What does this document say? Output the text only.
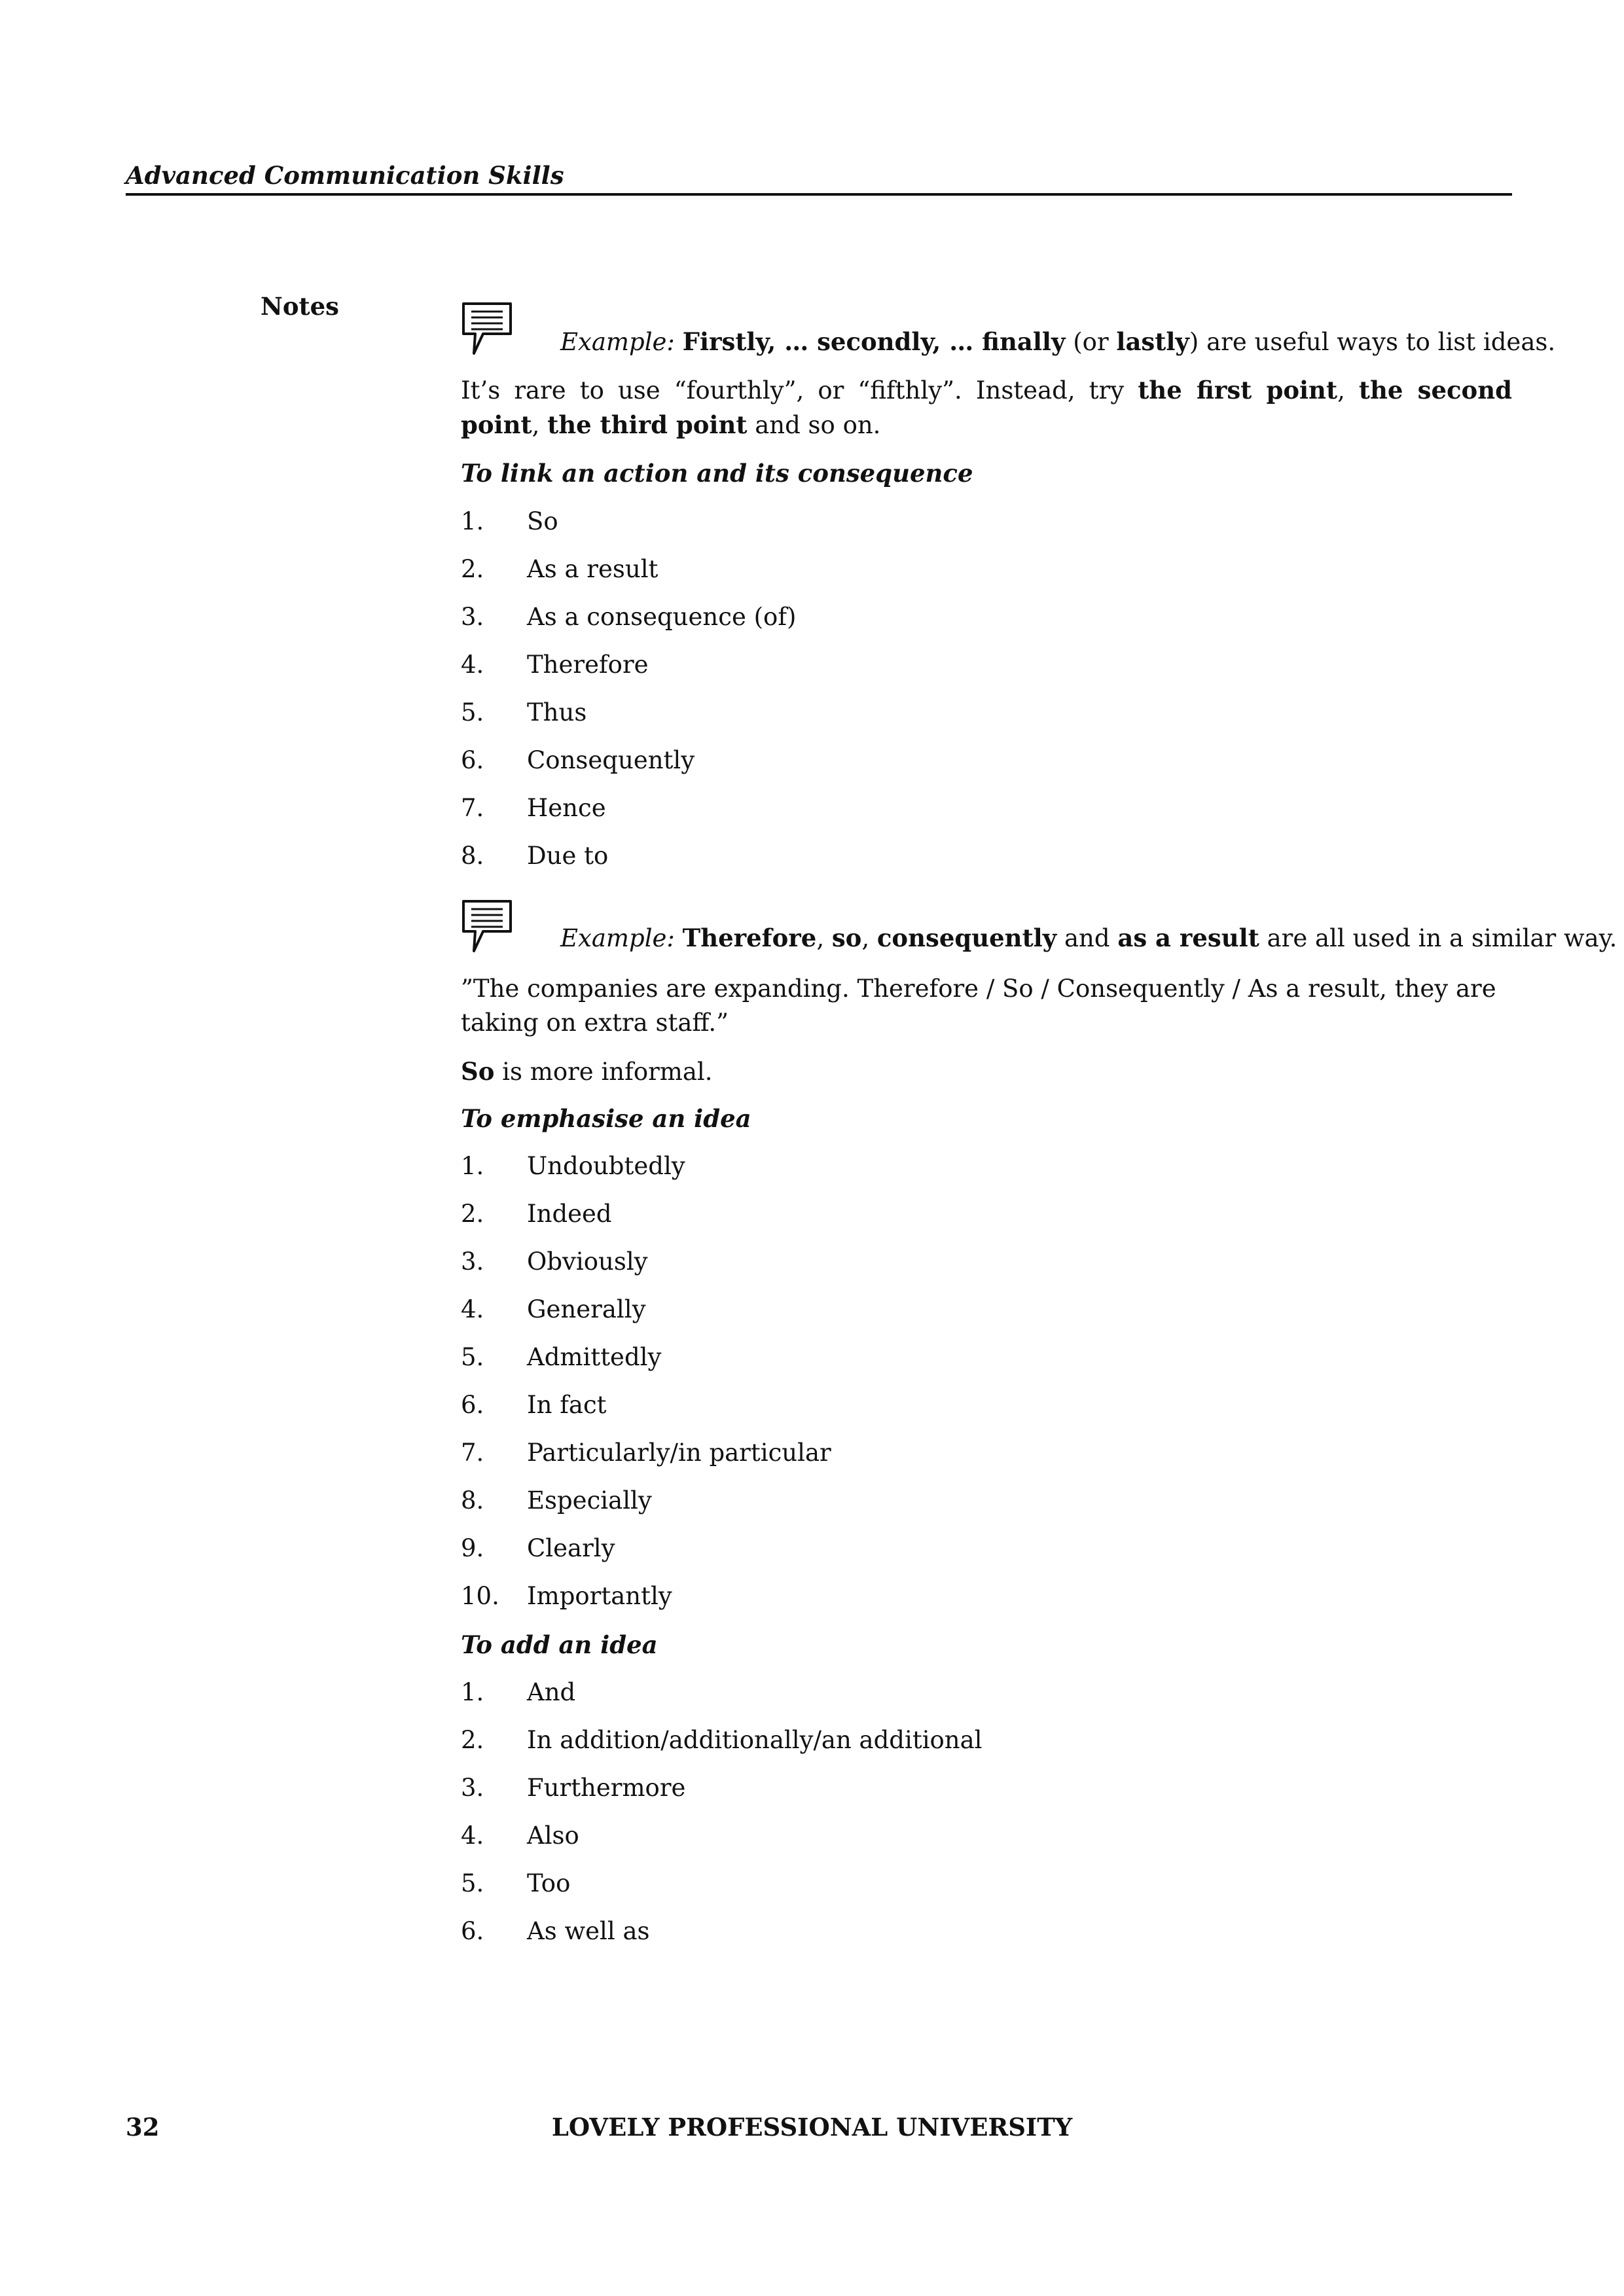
Advanced Communication Skills
Notes
Example: Firstly, … secondly, … finally (or lastly) are useful ways to list ideas.
It’s rare to use “fourthly”, or “fifthly”. Instead, try the first point, the second point, the third point and so on.
To link an action and its consequence
1. So
2. As a result
3. As a consequence (of)
4. Therefore
5. Thus
6. Consequently
7. Hence
8. Due to
Example: Therefore, so, consequently and as a result are all used in a similar way.
”The companies are expanding. Therefore / So / Consequently / As a result, they are taking on extra staff.”
So is more informal.
To emphasise an idea
1. Undoubtedly
2. Indeed
3. Obviously
4. Generally
5. Admittedly
6. In fact
7. Particularly/in particular
8. Especially
9. Clearly
10. Importantly
To add an idea
1. And
2. In addition/additionally/an additional
3. Furthermore
4. Also
5. Too
6. As well as
32	LOVELY PROFESSIONAL UNIVERSITY
